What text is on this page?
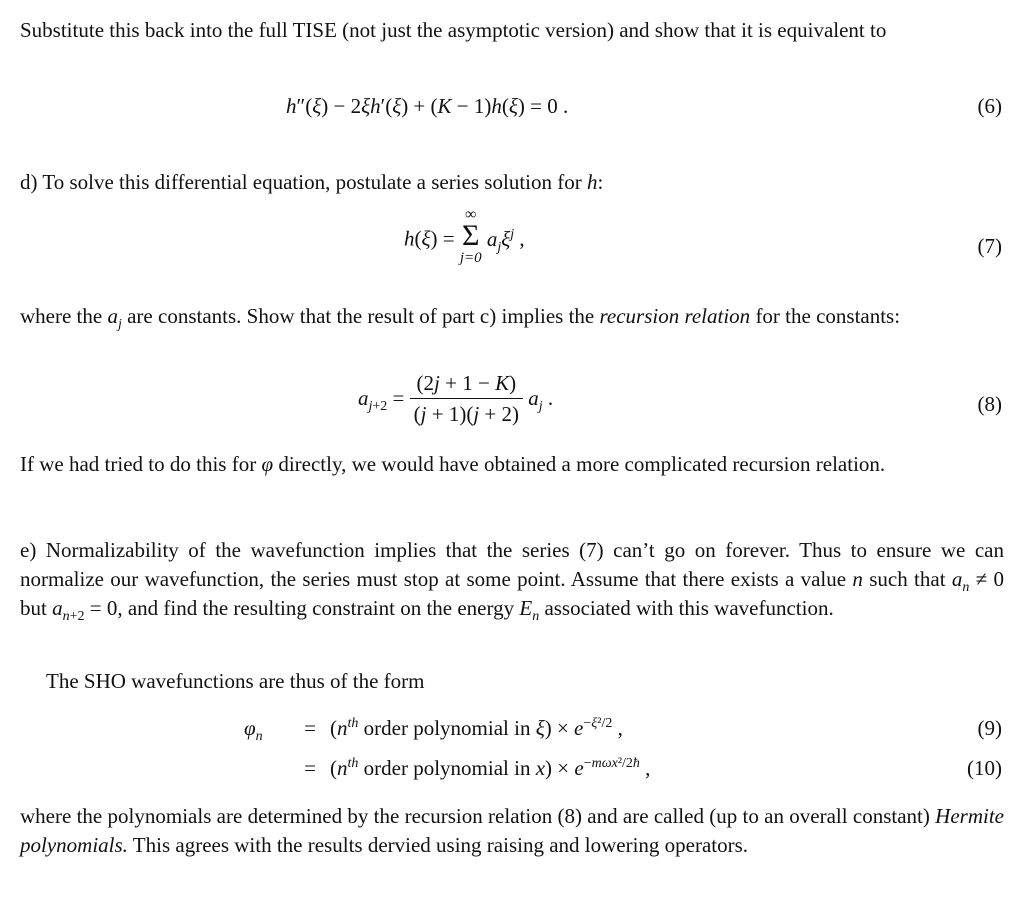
Substitute this back into the full TISE (not just the asymptotic version) and show that it is equivalent to
h″(ξ) − 2ξh′(ξ) + (K − 1)h(ξ) = 0 .	(6)
d) To solve this differential equation, postulate a series solution for h:
h(ξ) =
∞
Σ
j=0
$a_j\xi^j$ ,	(7)
where the $a_j$ are constants. Show that the result of part c) implies the recursion relation for the constants:
$a_{j+2} = \frac{(2j + 1 - K)}{(j + 1)(j + 2)} a_j$ .	(8)
If we had tried to do this for φ directly, we would have obtained a more complicated recursion relation.
e) Normalizability of the wavefunction implies that the series (7) can’t go on forever. Thus to ensure we can normalize our wavefunction, the series must stop at some point. Assume that there exists a value n such that $a_n \ne 0$ but $a_{n+2} = 0$, and find the resulting constraint on the energy $E_n$ associated with this wavefunction.
The SHO wavefunctions are thus of the form
$\varphi_n = (n^{th}$ order polynomial in $\xi) \times e^{-\xi^2/2}$ ,	(9)
= ($n^{th}$ order polynomial in $x) \times e^{-m\omega x^2/2ħ}$ ,	(10)
where the polynomials are determined by the recursion relation (8) and are called (up to an overall constant) Hermite polynomials. This agrees with the results dervied using raising and lowering operators.
